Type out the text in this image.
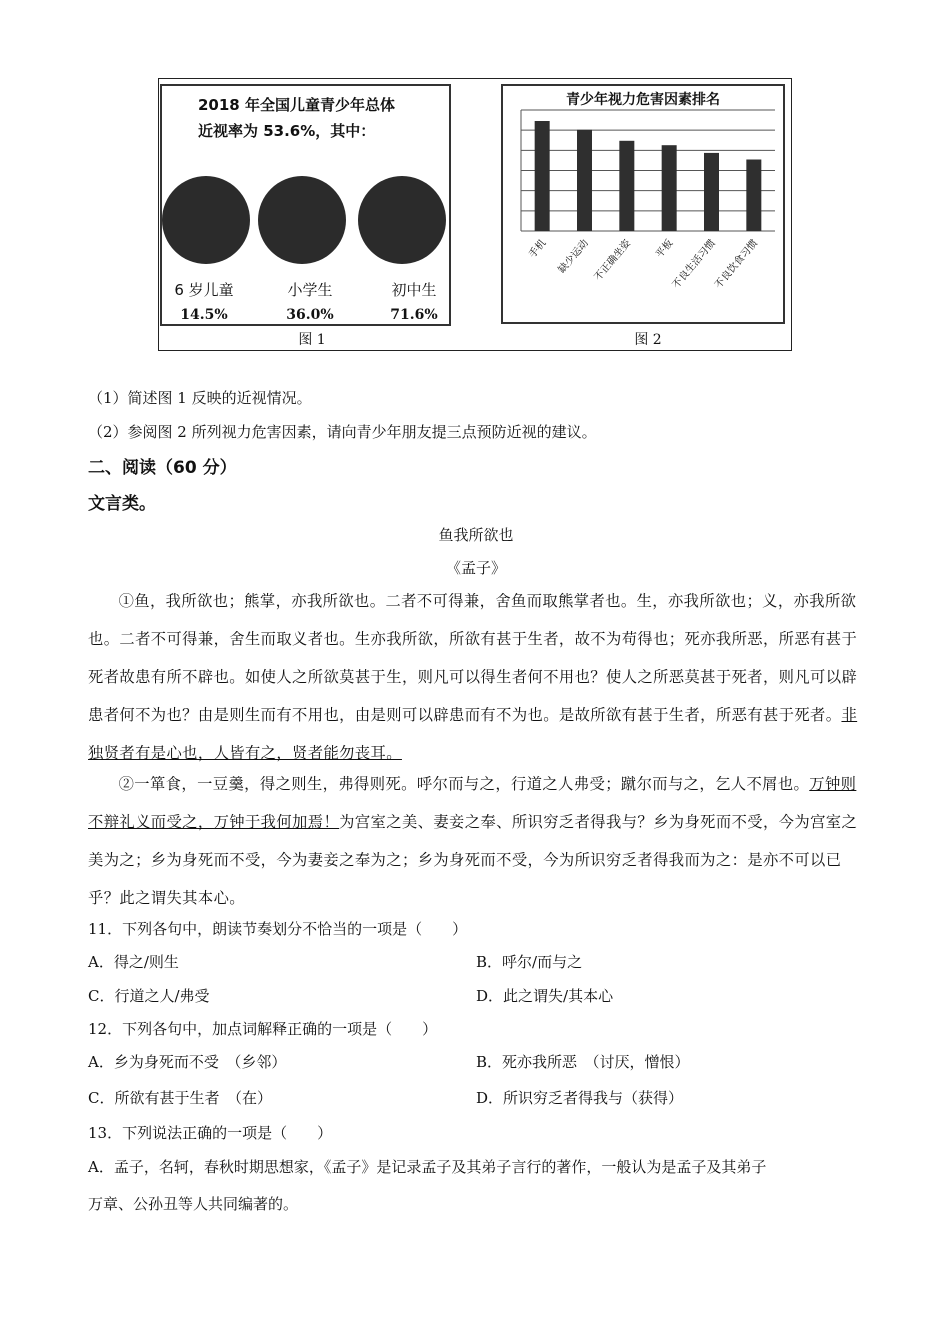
2018 年全国儿童青少年总体
近视率为 53.6%，其中：
6 岁儿童	小学生	初中生
14.5%	36.0%	71.6%
图 1
青少年视力危害因素排名
手机 缺少运动 不正确坐姿 平板
不良生活习惯
不良饮食习惯
图 2
（1）简述图 1 反映的近视情况。
（2）参阅图 2 所列视力危害因素，请向青少年朋友提三点预防近视的建议。
二、阅读（60 分）
文言类。
鱼我所欲也
《孟子》

①鱼，我所欲也；熊掌，亦我所欲也。二者不可得兼，舍鱼而取熊掌者也。生，亦我所欲也；义，亦我所欲也。二者不可得兼，舍生而取义者也。生亦我所欲，所欲有甚于生者，故不为苟得也；死亦我所恶，所恶有甚于死者故患有所不辟也。如使人之所欲莫甚于生，则凡可以得生者何不用也？使人之所恶莫甚于死者，则凡可以辟患者何不为也？由是则生而有不用也，由是则可以辟患而有不为也。是故所欲有甚于生者，所恶有甚于死者。非独贤者有是心也，人皆有之，贤者能勿丧耳。

②一箪食，一豆羹，得之则生，弗得则死。呼尔而与之，行道之人弗受；蹴尔而与之，乞人不屑也。万钟则不辩礼义而受之，万钟于我何加焉！为宫室之美、妻妾之奉、所识穷乏者得我与？乡为身死而不受，今为宫室之美为之；乡为身死而不受，今为妻妾之奉为之；乡为身死而不受，今为所识穷乏者得我而为之：是亦不可以已乎？此之谓失其本心。

11．下列各句中，朗读节奏划分不恰当的一项是（　　）
A．得之/则生	B．呼尔/而与之
C．行道之人/弗受	D．此之谓失/其本心
12．下列各句中，加点词解释正确的一项是（　　）
A．乡为身死而不受　（乡邻）	B．死亦我所恶　（讨厌，憎恨）
C．所欲有甚于生者　（在）	D．所识穷乏者得我与（获得）
13．下列说法正确的一项是（　　）
A．孟子，名轲，春秋时期思想家，《孟子》是记录孟子及其弟子言行的著作，一般认为是孟子及其弟子
万章、公孙丑等人共同编著的。
